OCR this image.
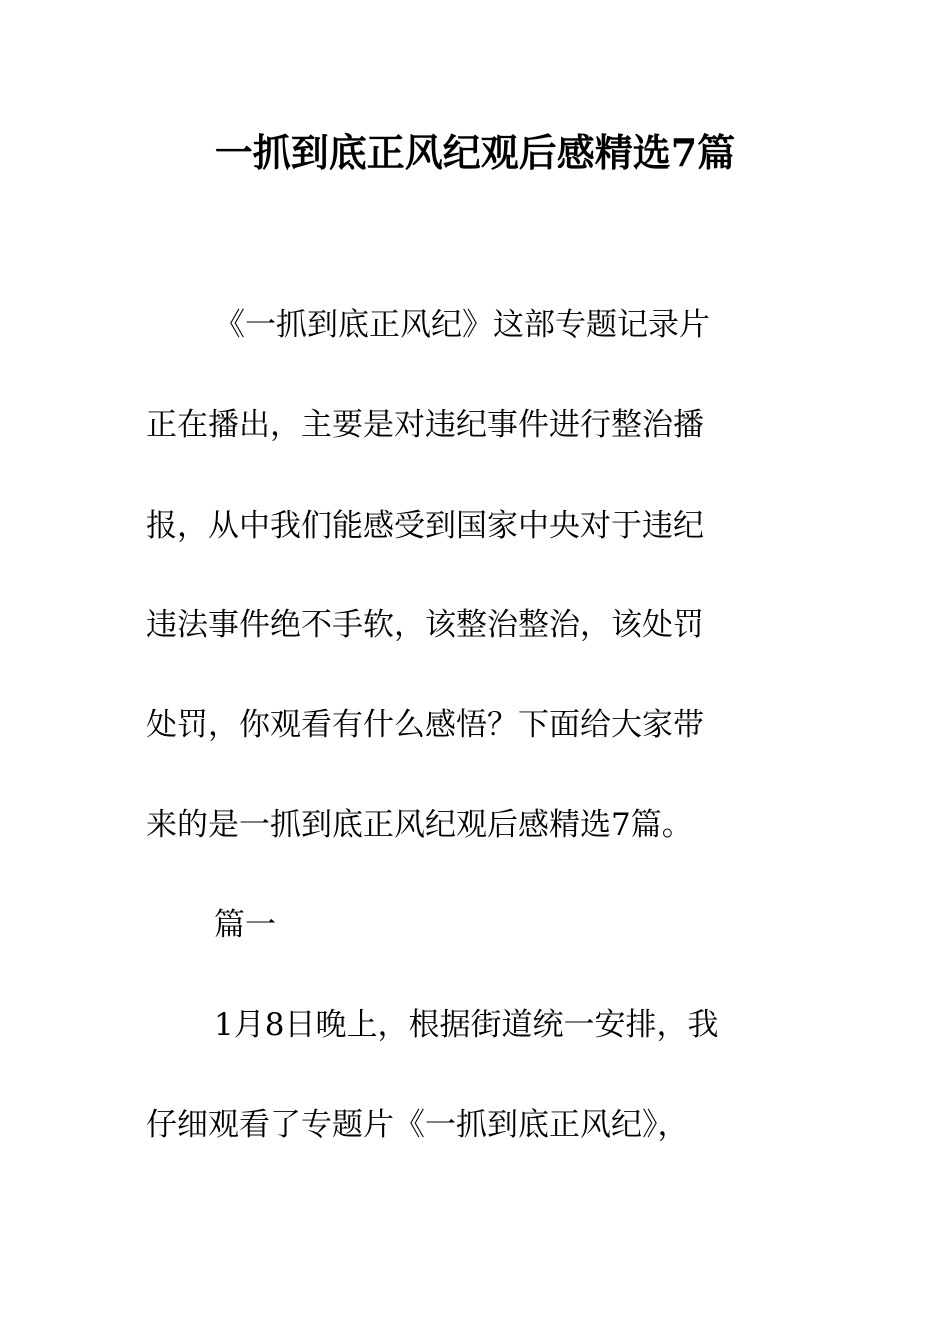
一抓到底正风纪观后感精选7篇
《一抓到底正风纪》这部专题记录片
正在播出，主要是对违纪事件进行整治播
报，从中我们能感受到国家中央对于违纪
违法事件绝不手软，该整治整治，该处罚
处罚，你观看有什么感悟？下面给大家带
来的是一抓到底正风纪观后感精选7篇。
篇一
1月8日晚上，根据街道统一安排，我
仔细观看了专题片《一抓到底正风纪》，
